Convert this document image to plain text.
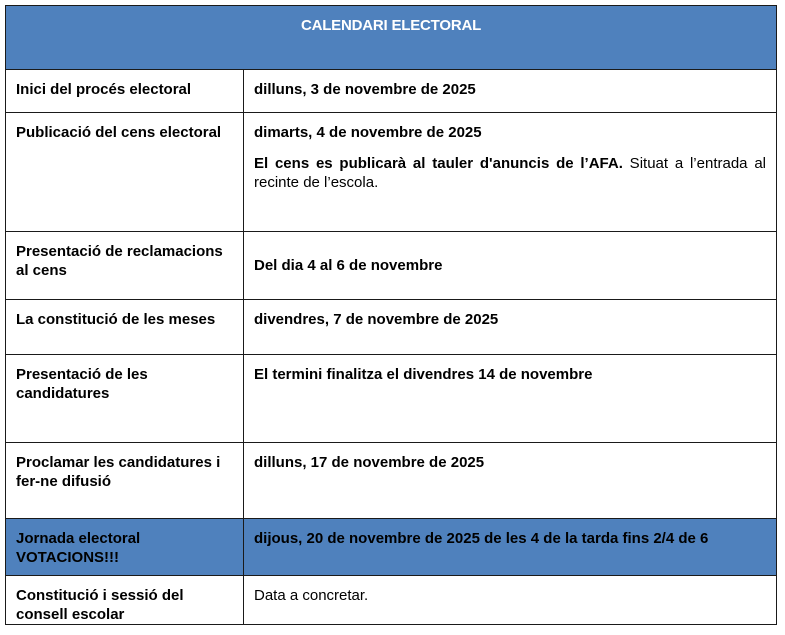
CALENDARI ELECTORAL	
Inici del procés electoral	dilluns, 3 de novembre de 2025
Publicació del cens electoral	dimarts, 4 de novembre de 2025
El cens es publicarà al tauler d'anuncis de l’AFA. Situat a l’entrada al recinte de l’escola.

Presentació de reclamacions al cens	Del dia 4 al 6 de novembre
La constitució de les meses	divendres, 7 de novembre de 2025
Presentació de les candidatures	El termini finalitza el divendres 14 de novembre
Proclamar les candidatures i fer-ne difusió	dilluns, 17 de novembre de 2025
Jornada electoral VOTACIONS!!!	dijous, 20 de novembre de 2025 de les 4 de la tarda fins 2/4 de 6
Constitució i sessió del consell escolar	Data a concretar.
